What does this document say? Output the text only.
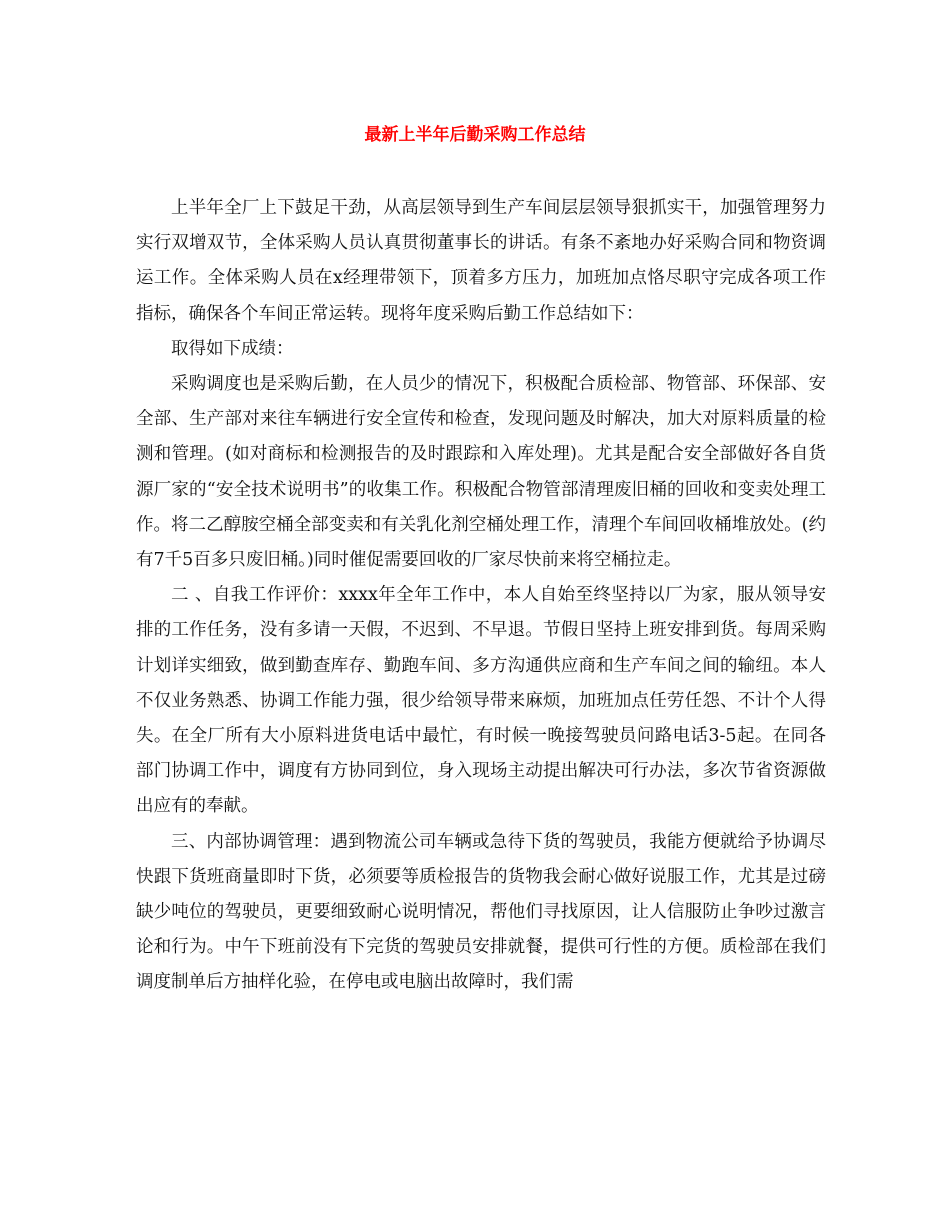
最新上半年后勤采购工作总结

上半年全厂上下鼓足干劲，从高层领导到生产车间层层领导狠抓实干，加强管理努力实行双增双节，全体采购人员认真贯彻董事长的讲话。有条不紊地办好采购合同和物资调运工作。全体采购人员在x经理带领下，顶着多方压力，加班加点恪尽职守完成各项工作指标，确保各个车间正常运转。现将年度采购后勤工作总结如下：

取得如下成绩：

采购调度也是采购后勤，在人员少的情况下，积极配合质检部、物管部、环保部、安全部、生产部对来往车辆进行安全宣传和检查，发现问题及时解决，加大对原料质量的检测和管理。(如对商标和检测报告的及时跟踪和入库处理)。尤其是配合安全部做好各自货源厂家的“安全技术说明书”的收集工作。积极配合物管部清理废旧桶的回收和变卖处理工作。将二乙醇胺空桶全部变卖和有关乳化剂空桶处理工作，清理个车间回收桶堆放处。(约有7千5百多只废旧桶。)同时催促需要回收的厂家尽快前来将空桶拉走。

二 、自我工作评价：xxxx年全年工作中，本人自始至终坚持以厂为家，服从领导安排的工作任务，没有多请一天假，不迟到、不早退。节假日坚持上班安排到货。每周采购计划详实细致，做到勤查库存、勤跑车间、多方沟通供应商和生产车间之间的输纽。本人不仅业务熟悉、协调工作能力强，很少给领导带来麻烦，加班加点任劳任怨、不计个人得失。在全厂所有大小原料进货电话中最忙，有时候一晚接驾驶员问路电话3-5起。在同各部门协调工作中，调度有方协同到位，身入现场主动提出解决可行办法，多次节省资源做出应有的奉献。

三、内部协调管理：遇到物流公司车辆或急待下货的驾驶员，我能方便就给予协调尽快跟下货班商量即时下货，必须要等质检报告的货物我会耐心做好说服工作，尤其是过磅缺少吨位的驾驶员，更要细致耐心说明情况，帮他们寻找原因，让人信服防止争吵过激言论和行为。中午下班前没有下完货的驾驶员安排就餐，提供可行性的方便。质检部在我们调度制单后方抽样化验，在停电或电脑出故障时，我们需
